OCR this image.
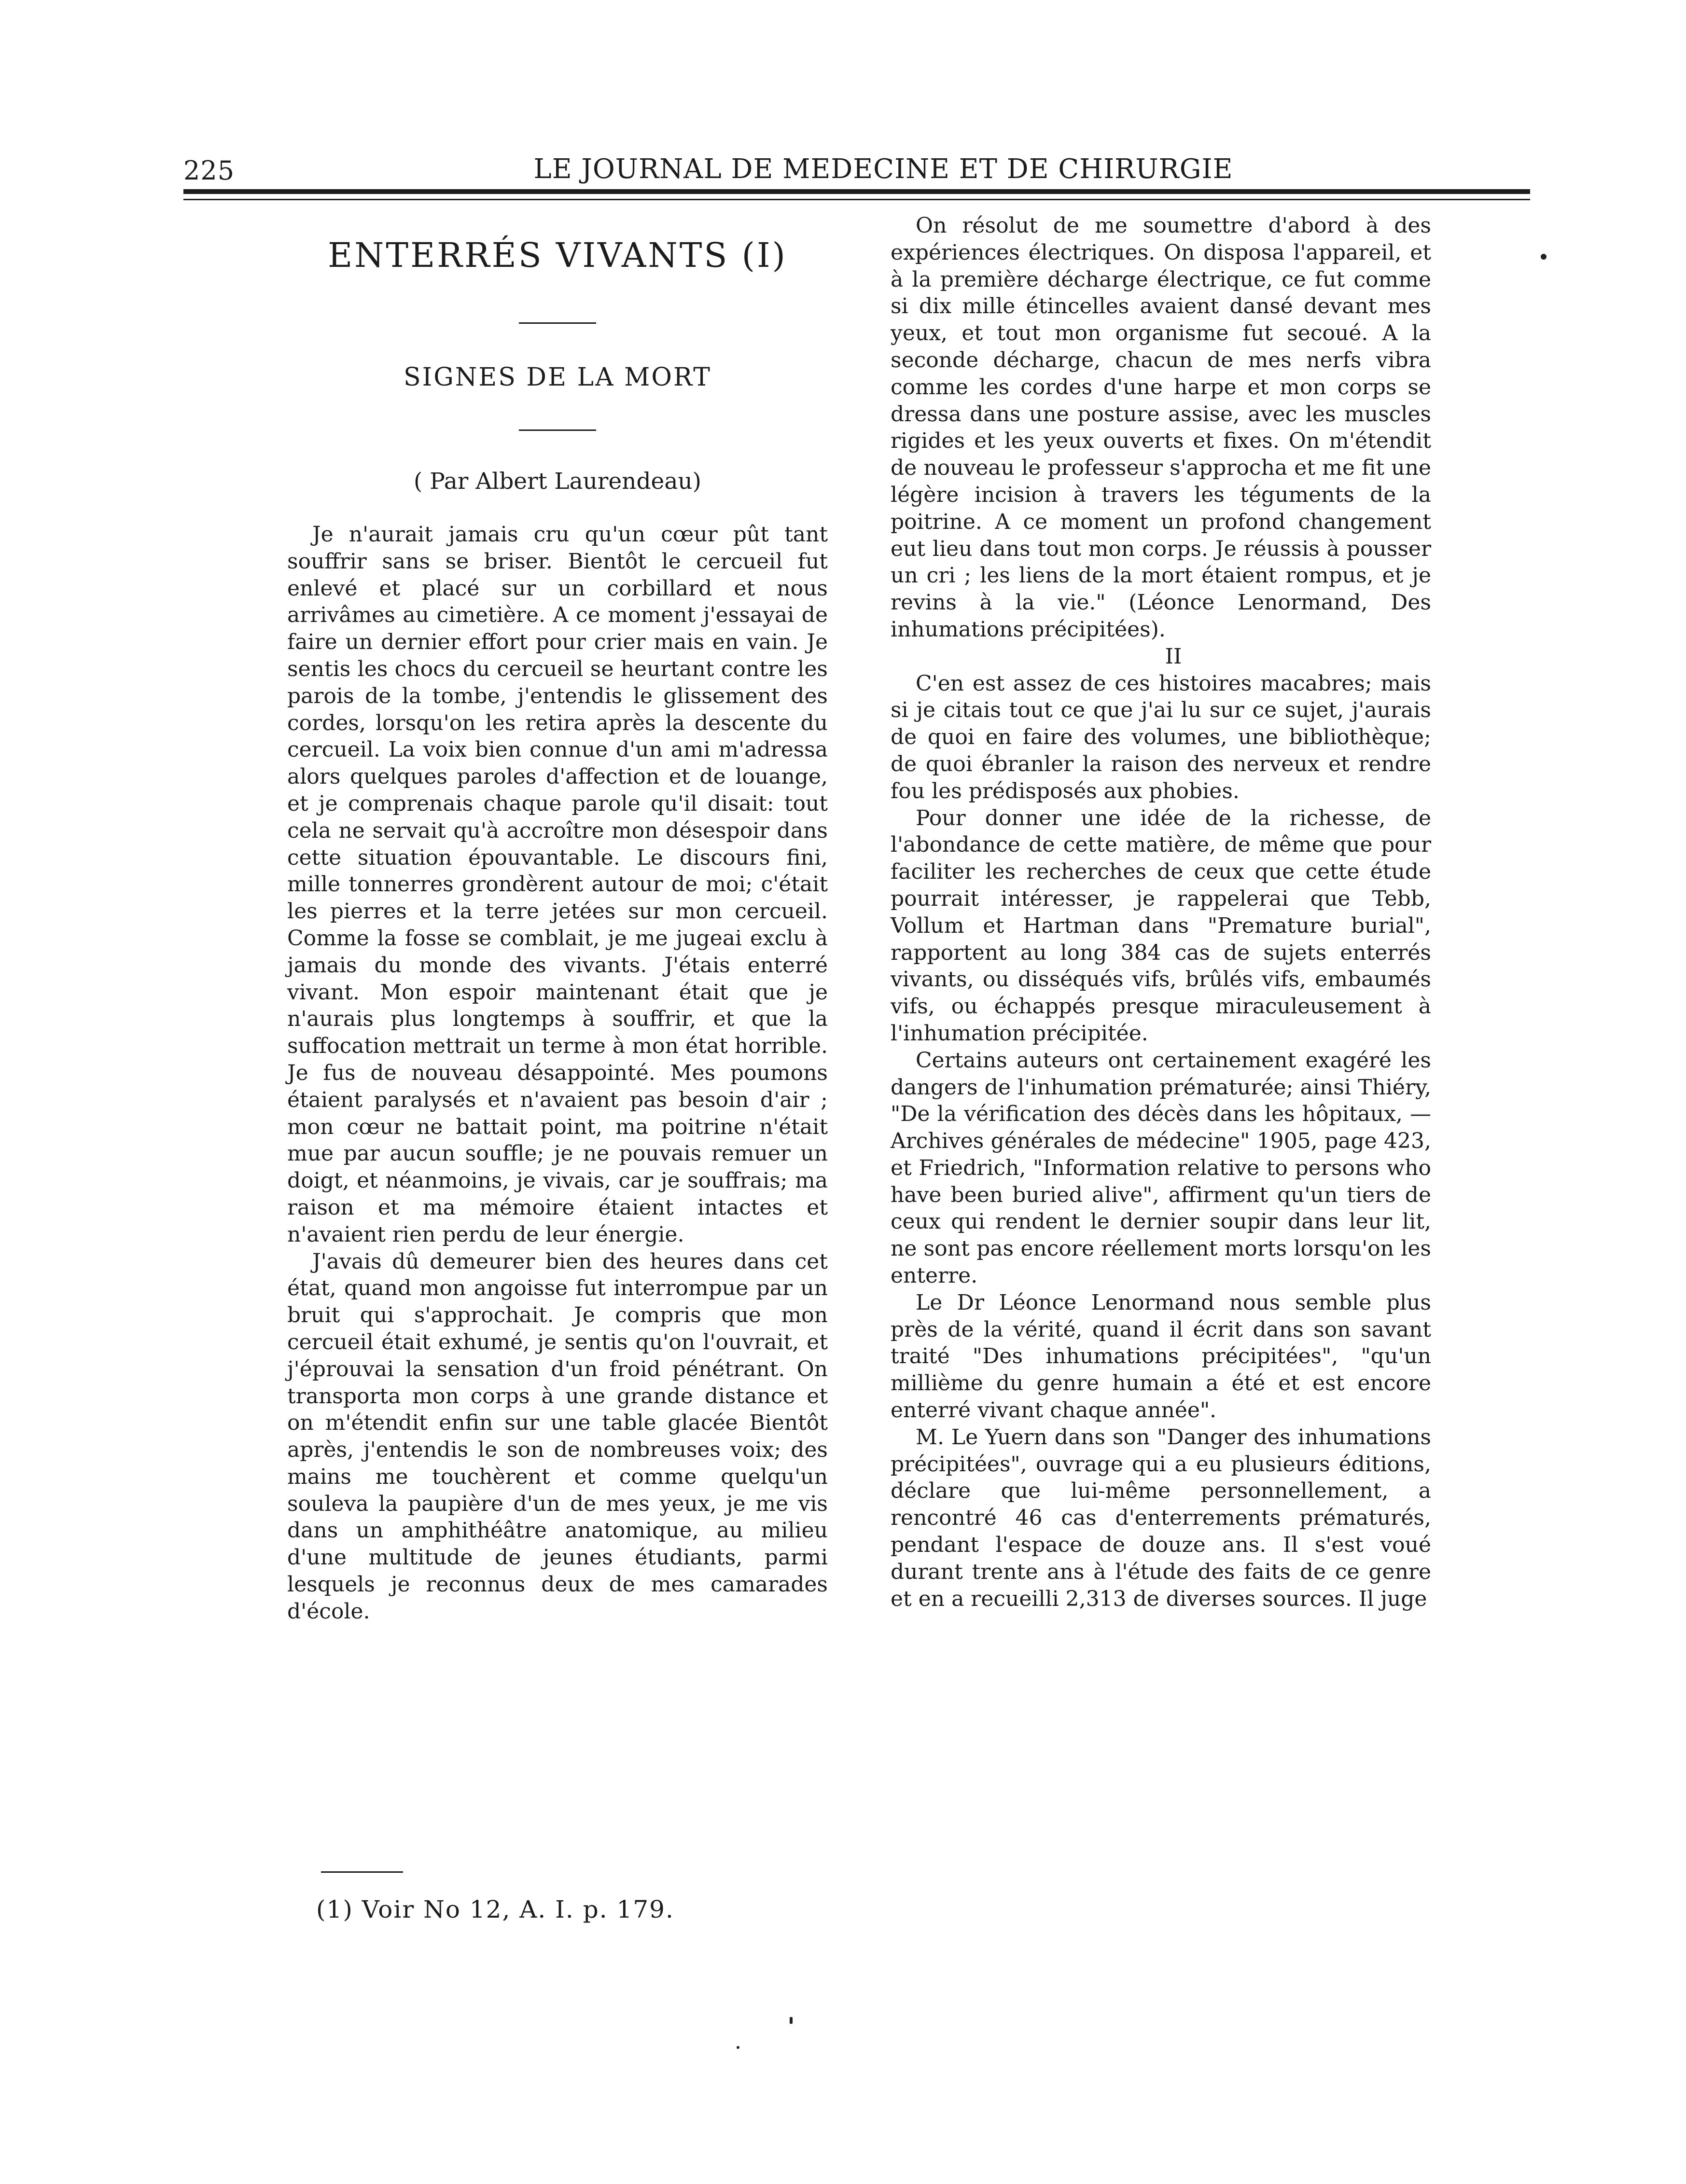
225	LE JOURNAL DE MEDECINE ET DE CHIRURGIE
ENTERRÉS VIVANTS (I)
SIGNES DE LA MORT
( Par Albert Laurendeau)

Je n'aurait jamais cru qu'un cœur pût tant souffrir sans se briser. Bientôt le cercueil fut enlevé et placé sur un corbillard et nous arrivâmes au cimetière. A ce moment j'essayai de faire un dernier effort pour crier mais en vain. Je sentis les chocs du cercueil se heurtant contre les parois de la tombe, j'entendis le glissement des cordes, lorsqu'on les retira après la descente du cercueil. La voix bien connue d'un ami m'adressa alors quelques paroles d'affection et de louange, et je comprenais chaque parole qu'il disait: tout cela ne servait qu'à accroître mon désespoir dans cette situation épouvantable. Le discours fini, mille tonnerres grondèrent autour de moi; c'était les pierres et la terre jetées sur mon cercueil. Comme la fosse se comblait, je me jugeai exclu à jamais du monde des vivants. J'étais enterré vivant. Mon espoir maintenant était que je n'aurais plus longtemps à souffrir, et que la suffocation mettrait un terme à mon état horrible. Je fus de nouveau désappointé. Mes poumons étaient paralysés et n'avaient pas besoin d'air ; mon cœur ne battait point, ma poitrine n'était mue par aucun souffle; je ne pouvais remuer un doigt, et néanmoins, je vivais, car je souffrais; ma raison et ma mémoire étaient intactes et n'avaient rien perdu de leur énergie.

J'avais dû demeurer bien des heures dans cet état, quand mon angoisse fut interrompue par un bruit qui s'approchait. Je compris que mon cercueil était exhumé, je sentis qu'on l'ouvrait, et j'éprouvai la sensation d'un froid pénétrant. On transporta mon corps à une grande distance et on m'étendit enfin sur une table glacée Bientôt après, j'entendis le son de nombreuses voix; des mains me touchèrent et comme quelqu'un souleva la paupière d'un de mes yeux, je me vis dans un amphithéâtre anatomique, au milieu d'une multitude de jeunes étudiants, parmi lesquels je reconnus deux de mes camarades d'école.

(1) Voir No 12, A. I. p. 179.

On résolut de me soumettre d'abord à des expériences électriques. On disposa l'appareil, et à la première décharge électrique, ce fut comme si dix mille étincelles avaient dansé devant mes yeux, et tout mon organisme fut secoué. A la seconde décharge, chacun de mes nerfs vibra comme les cordes d'une harpe et mon corps se dressa dans une posture assise, avec les muscles rigides et les yeux ouverts et fixes. On m'étendit de nouveau le professeur s'approcha et me fit une légère incision à travers les téguments de la poitrine. A ce moment un profond changement eut lieu dans tout mon corps. Je réussis à pousser un cri ; les liens de la mort étaient rompus, et je revins à la vie." (Léonce Lenormand, Des inhumations précipitées).

II

C'en est assez de ces histoires macabres; mais si je citais tout ce que j'ai lu sur ce sujet, j'aurais de quoi en faire des volumes, une bibliothèque; de quoi ébranler la raison des nerveux et rendre fou les prédisposés aux phobies.

Pour donner une idée de la richesse, de l'abondance de cette matière, de même que pour faciliter les recherches de ceux que cette étude pourrait intéresser, je rappelerai que Tebb, Vollum et Hartman dans "Premature burial", rapportent au long 384 cas de sujets enterrés vivants, ou disséqués vifs, brûlés vifs, embaumés vifs, ou échappés presque miraculeusement à l'inhumation précipitée.

Certains auteurs ont certainement exagéré les dangers de l'inhumation prématurée; ainsi Thiéry, "De la vérification des décès dans les hôpitaux, — Archives générales de médecine" 1905, page 423, et Friedrich, "Information relative to persons who have been buried alive", affirment qu'un tiers de ceux qui rendent le dernier soupir dans leur lit, ne sont pas encore réellement morts lorsqu'on les enterre.

Le Dr Léonce Lenormand nous semble plus près de la vérité, quand il écrit dans son savant traité "Des inhumations précipitées", "qu'un millième du genre humain a été et est encore enterré vivant chaque année".

M. Le Yuern dans son "Danger des inhumations précipitées", ouvrage qui a eu plusieurs éditions, déclare que lui-même personnellement, a rencontré 46 cas d'enterrements prématurés, pendant l'espace de douze ans. Il s'est voué durant trente ans à l'étude des faits de ce genre et en a recueilli 2,313 de diverses sources. Il juge
